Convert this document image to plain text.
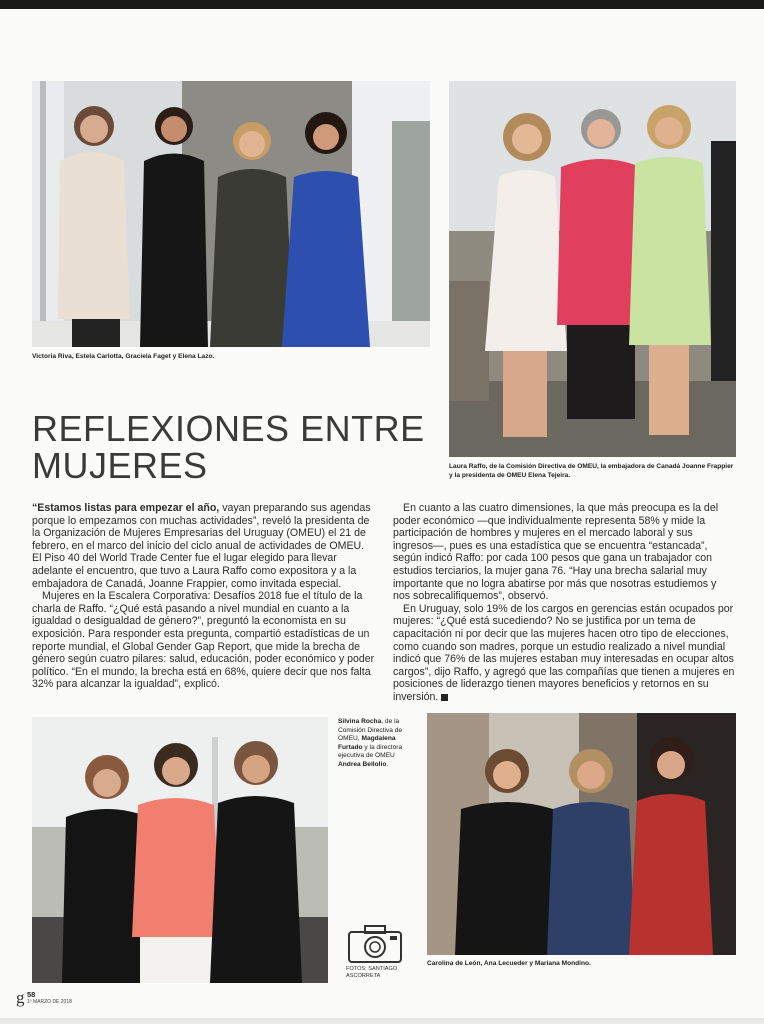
Victoria Riva, Estela Carlotta, Graciela Faget y Elena Lazo.
Laura Raffo, de la Comisión Directiva de OMEU, la embajadora de Canadá Joanne Frappier y la presidenta de OMEU Elena Tejeira.
REFLEXIONES ENTRE MUJERES

“Estamos listas para empezar el año, vayan preparando sus agendas porque lo empezamos con muchas actividades”, reveló la presidenta de la Organización de Mujeres Empresarias del Uruguay (OMEU) el 21 de febrero, en el marco del inicio del ciclo anual de actividades de OMEU. El Piso 40 del World Trade Center fue el lugar elegido para llevar adelante el encuentro, que tuvo a Laura Raffo como expositora y a la embajadora de Canadá, Joanne Frappier, como invitada especial.

Mujeres en la Escalera Corporativa: Desafíos 2018 fue el título de la charla de Raffo. “¿Qué está pasando a nivel mundial en cuanto a la igualdad o desigualdad de género?”, preguntó la economista en su exposición. Para responder esta pregunta, compartió estadísticas de un reporte mundial, el Global Gender Gap Report, que mide la brecha de género según cuatro pilares: salud, educación, poder económico y poder político. “En el mundo, la brecha está en 68%, quiere decir que nos falta 32% para alcanzar la igualdad”, explicó.

En cuanto a las cuatro dimensiones, la que más preocupa es la del poder económico —que individualmente representa 58% y mide la participación de hombres y mujeres en el mercado laboral y sus ingresos—, pues es una estadística que se encuentra “estancada”, según indicó Raffo: por cada 100 pesos que gana un trabajador con estudios terciarios, la mujer gana 76. “Hay una brecha salarial muy importante que no logra abatirse por más que nosotras estudiemos y nos sobrecalifiquemos”, observó.

En Uruguay, solo 19% de los cargos en gerencias están ocupados por mujeres: “¿Qué está sucediendo? No se justifica por un tema de capacitación ni por decir que las mujeres hacen otro tipo de elecciones, como cuando son madres, porque un estudio realizado a nivel mundial indicó que 76% de las mujeres estaban muy interesadas en ocupar altos cargos”, dijo Raffo, y agregó que las compañías que tienen a mujeres en posiciones de liderazgo tienen mayores beneficios y retornos en su inversión.

Silvina Rocha, de la Comisión Directiva de OMEU, Magdalena Furtado y la directora ejecutiva de OMEU Andrea Bellolio.
FOTOS: SANTIAGO ASCORRETA
Carolina de León, Ana Lecueder y Mariana Mondino.
g 58
1º MARZO DE 2018
